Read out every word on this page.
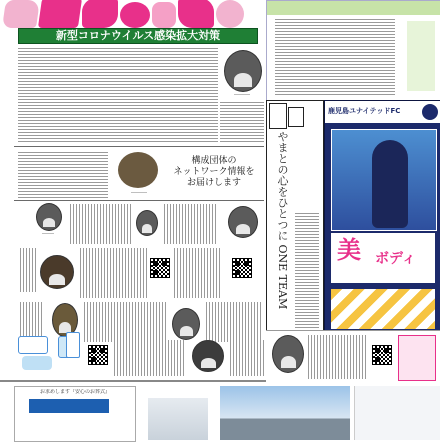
新型コロナウイルス感染拡大対策
――――
――――
構成団体の
ネットワーク情報を
お届けします
―――
お求めします『安心のお葬式』
やまとの心をひとつに ONE TEAM
鹿児島ユナイテッドFC
美 ボディ
